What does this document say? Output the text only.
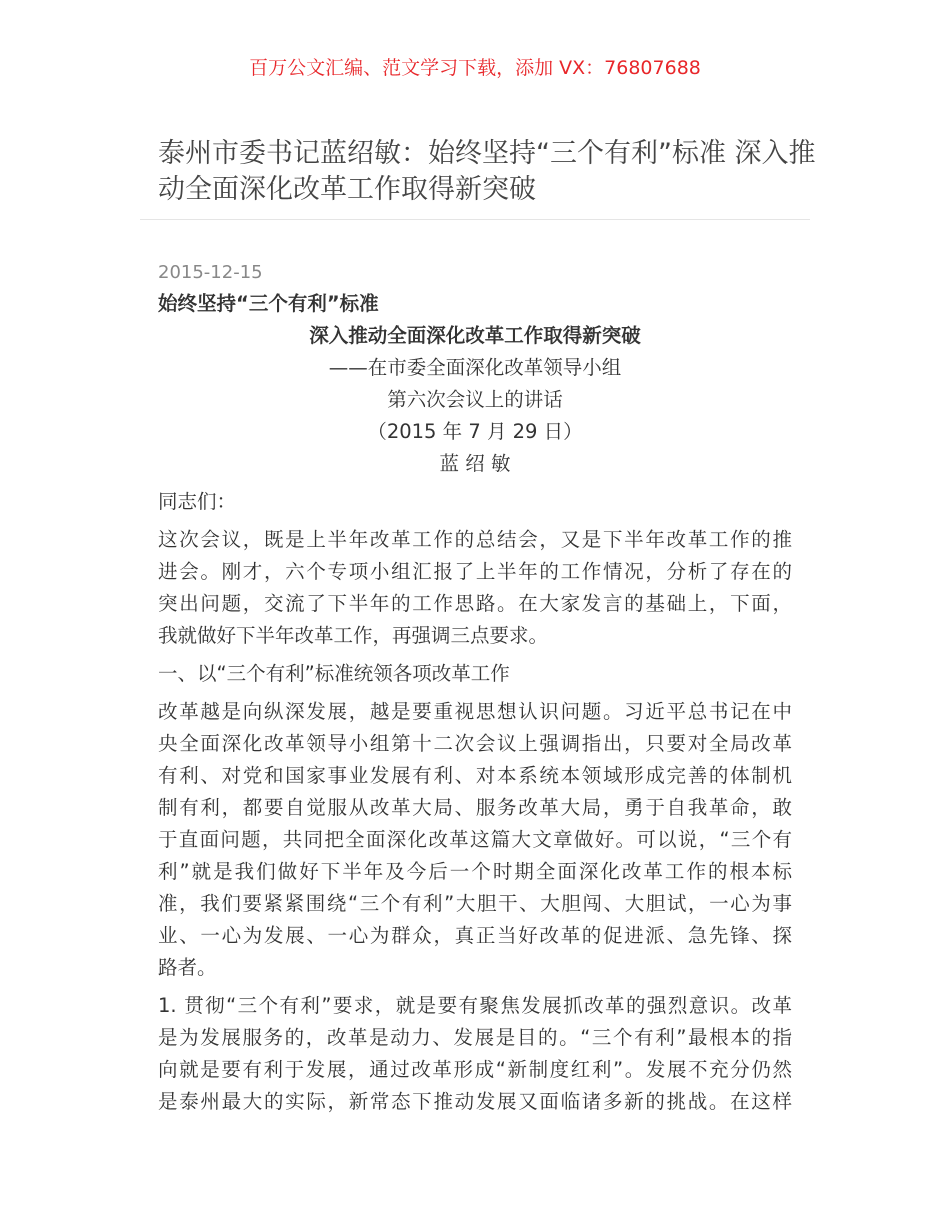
百万公文汇编、范文学习下载，添加 VX：76807688
泰州市委书记蓝绍敏：始终坚持“三个有利”标准 深入推
动全面深化改革工作取得新突破
2015-12-15
始终坚持“三个有利”标准
深入推动全面深化改革工作取得新突破
——在市委全面深化改革领导小组
第六次会议上的讲话
（2015 年 7 月 29 日）
蓝 绍 敏
同志们：
这次会议，既是上半年改革工作的总结会，又是下半年改革工作的推
进会。刚才，六个专项小组汇报了上半年的工作情况，分析了存在的
突出问题，交流了下半年的工作思路。在大家发言的基础上，下面，
我就做好下半年改革工作，再强调三点要求。
一、以“三个有利”标准统领各项改革工作
改革越是向纵深发展，越是要重视思想认识问题。习近平总书记在中
央全面深化改革领导小组第十二次会议上强调指出，只要对全局改革
有利、对党和国家事业发展有利、对本系统本领域形成完善的体制机
制有利，都要自觉服从改革大局、服务改革大局，勇于自我革命，敢
于直面问题，共同把全面深化改革这篇大文章做好。可以说，“三个有
利”就是我们做好下半年及今后一个时期全面深化改革工作的根本标
准，我们要紧紧围绕“三个有利”大胆干、大胆闯、大胆试，一心为事
业、一心为发展、一心为群众，真正当好改革的促进派、急先锋、探
路者。
1. 贯彻“三个有利”要求，就是要有聚焦发展抓改革的强烈意识。改革
是为发展服务的，改革是动力、发展是目的。“三个有利”最根本的指
向就是要有利于发展，通过改革形成“新制度红利”。发展不充分仍然
是泰州最大的实际，新常态下推动发展又面临诸多新的挑战。在这样
